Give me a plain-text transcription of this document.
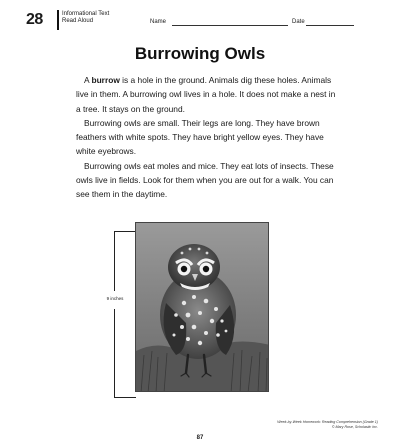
28	Informational Text
Read Aloud	Name	Date
Burrowing Owls

A burrow is a hole in the ground. Animals dig these holes. Animals live in them. A burrowing owl lives in a hole. It does not make a nest in a tree. It stays on the ground.

Burrowing owls are small. Their legs are long. They have brown feathers with white spots. They have bright yellow eyes. They have white eyebrows.

Burrowing owls eat moles and mice. They eat lots of insects. These owls live in fields. Look for them when you are out for a walk. You can see them in the daytime.

9 inches
Week-by-Week Homework: Reading Comprehension (Grade 1)
© Mary Rose, Scholastic Inc.
87
